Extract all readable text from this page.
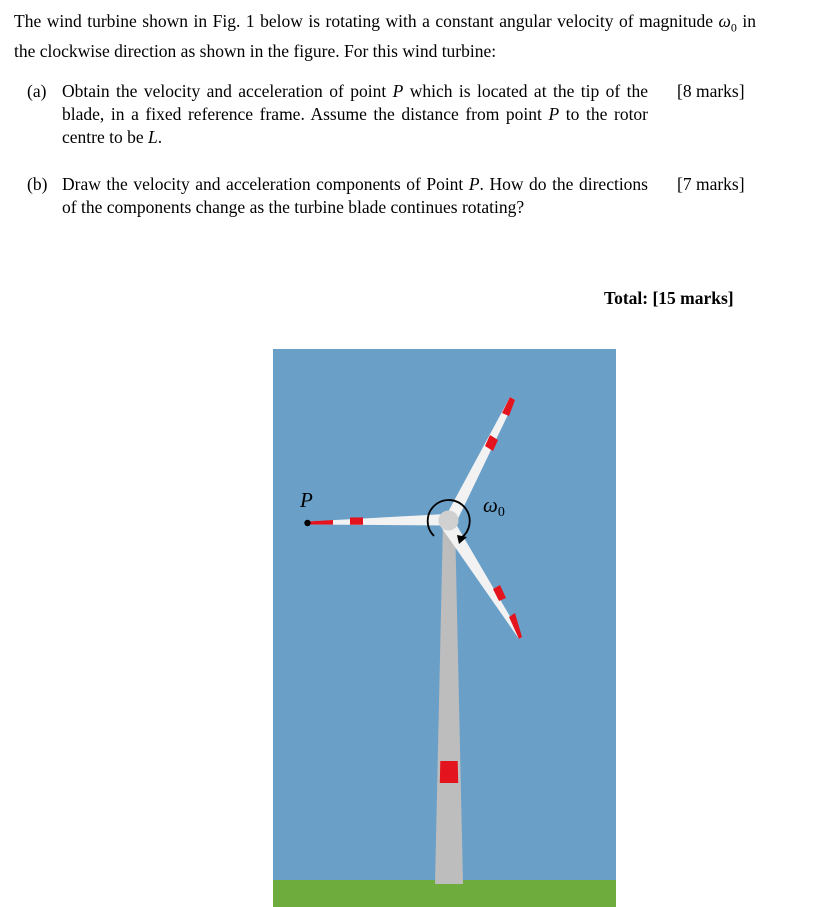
The wind turbine shown in Fig. 1 below is rotating with a constant angular velocity of magnitude $\omega_0$ in the clockwise direction as shown in the figure. For this wind turbine:
(a) Obtain the velocity and acceleration of point P which is located at the tip of the blade, in a fixed reference frame. Assume the distance from point P to the rotor centre to be L.
[8 marks]
(b) Draw the velocity and acceleration components of Point P. How do the directions of the components change as the turbine blade continues rotating?
[7 marks]
Total: [15 marks]
P	ω0
